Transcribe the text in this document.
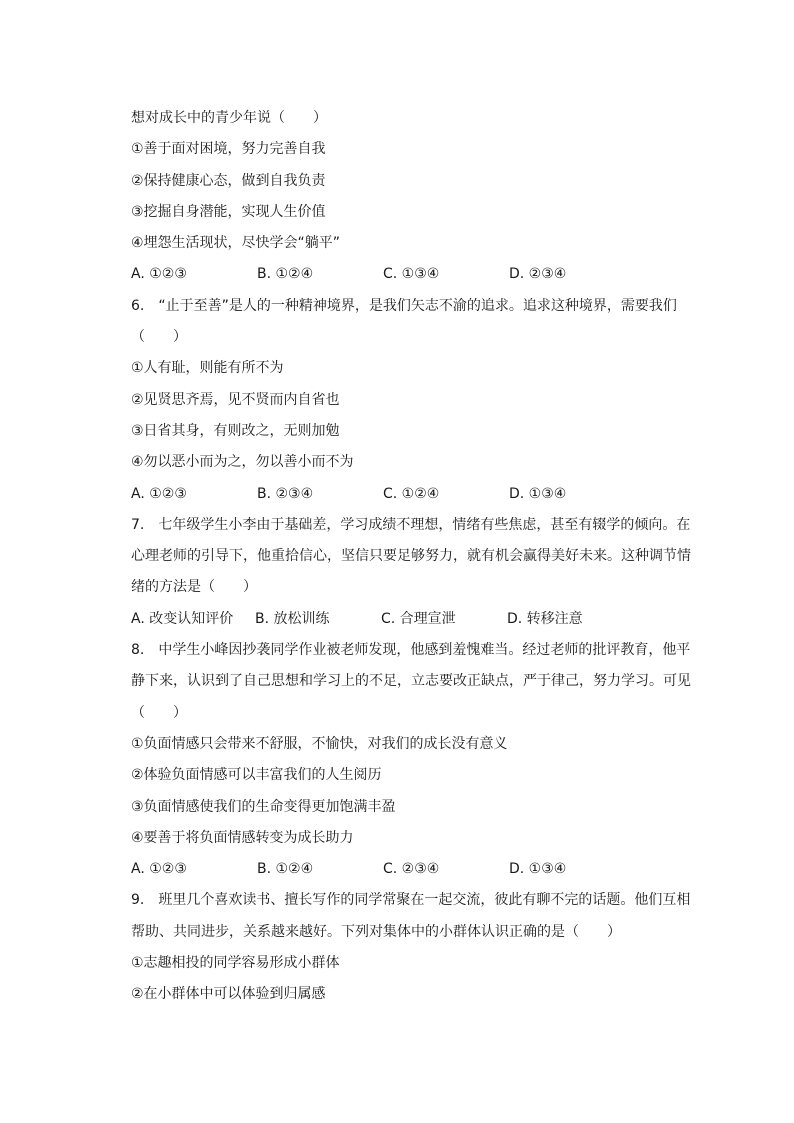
想对成长中的青少年说（　　）
①善于面对困境，努力完善自我
②保持健康心态，做到自我负责
③挖掘自身潜能，实现人生价值
④埋怨生活现状，尽快学会“躺平”
A. ①②③	B. ①②④	C. ①③④	D. ②③④
6.　“止于至善”是人的一种精神境界，是我们矢志不渝的追求。追求这种境界，需要我们
（　　）
①人有耻，则能有所不为
②见贤思齐焉，见不贤而内自省也
③日省其身，有则改之，无则加勉
④勿以恶小而为之，勿以善小而不为
A. ①②③	B. ②③④	C. ①②④	D. ①③④
7.　七年级学生小李由于基础差，学习成绩不理想，情绪有些焦虑，甚至有辍学的倾向。在
心理老师的引导下，他重拾信心，坚信只要足够努力，就有机会赢得美好未来。这种调节情
绪的方法是（　　）
A. 改变认知评价	B. 放松训练	C. 合理宣泄	D. 转移注意
8.　中学生小峰因抄袭同学作业被老师发现，他感到羞愧难当。经过老师的批评教育，他平
静下来，认识到了自己思想和学习上的不足，立志要改正缺点，严于律己，努力学习。可见
（　　）
①负面情感只会带来不舒服，不愉快，对我们的成长没有意义
②体验负面情感可以丰富我们的人生阅历
③负面情感使我们的生命变得更加饱满丰盈
④要善于将负面情感转变为成长助力
A. ①②③	B. ①②④	C. ②③④	D. ①③④
9.　班里几个喜欢读书、擅长写作的同学常聚在一起交流，彼此有聊不完的话题。他们互相
帮助、共同进步，关系越来越好。下列对集体中的小群体认识正确的是（　　）
①志趣相投的同学容易形成小群体
②在小群体中可以体验到归属感
